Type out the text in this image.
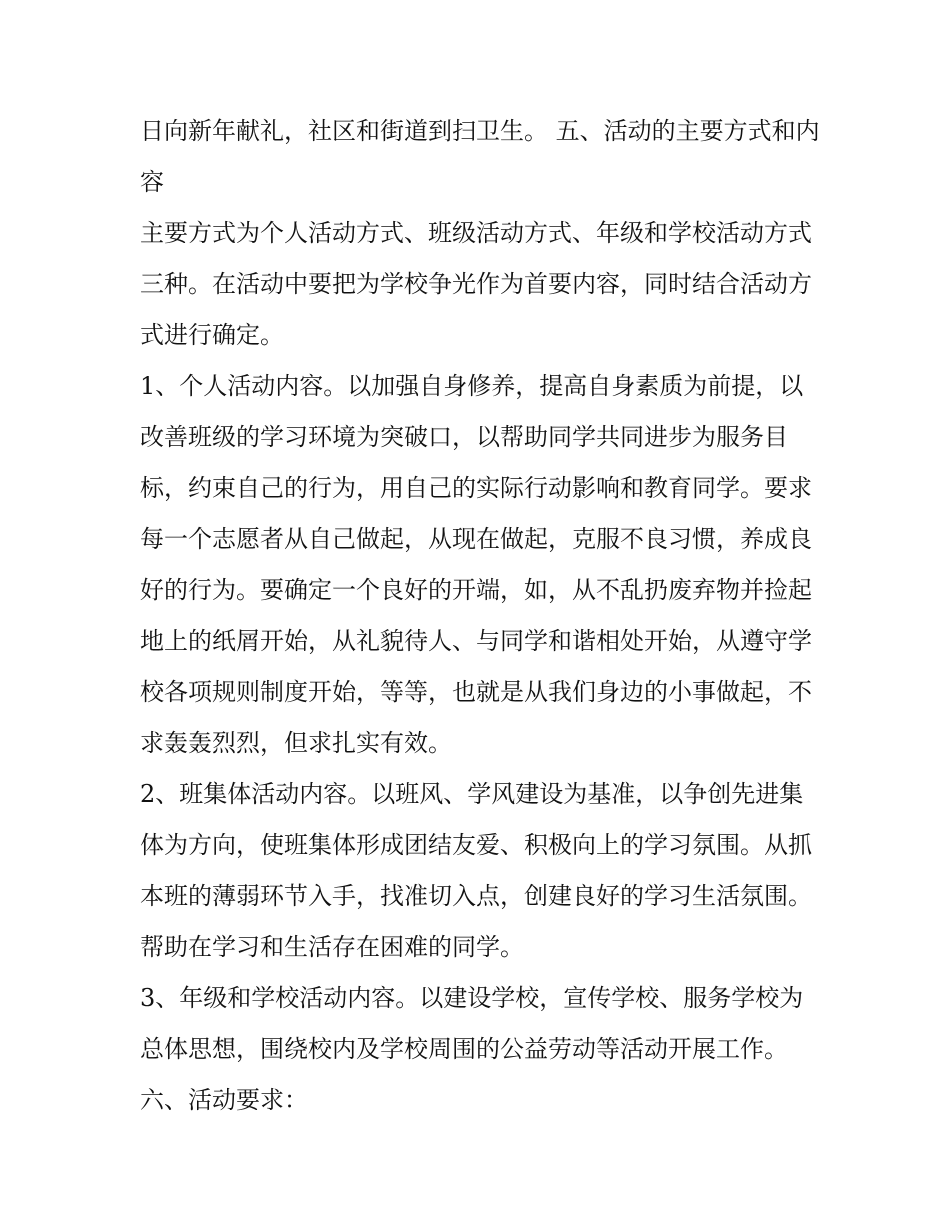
日向新年献礼，社区和街道到扫卫生。 五、活动的主要方式和内容

主要方式为个人活动方式、班级活动方式、年级和学校活动方式三种。在活动中要把为学校争光作为首要内容，同时结合活动方式进行确定。

1、个人活动内容。以加强自身修养，提高自身素质为前提，以改善班级的学习环境为突破口，以帮助同学共同进步为服务目标，约束自己的行为，用自己的实际行动影响和教育同学。要求每一个志愿者从自己做起，从现在做起，克服不良习惯，养成良好的行为。要确定一个良好的开端，如，从不乱扔废弃物并捡起地上的纸屑开始，从礼貌待人、与同学和谐相处开始，从遵守学校各项规则制度开始，等等，也就是从我们身边的小事做起，不求轰轰烈烈，但求扎实有效。

2、班集体活动内容。以班风、学风建设为基准，以争创先进集体为方向，使班集体形成团结友爱、积极向上的学习氛围。从抓本班的薄弱环节入手，找准切入点，创建良好的学习生活氛围。帮助在学习和生活存在困难的同学。

3、年级和学校活动内容。以建设学校，宣传学校、服务学校为总体思想，围绕校内及学校周围的公益劳动等活动开展工作。 六、活动要求：
